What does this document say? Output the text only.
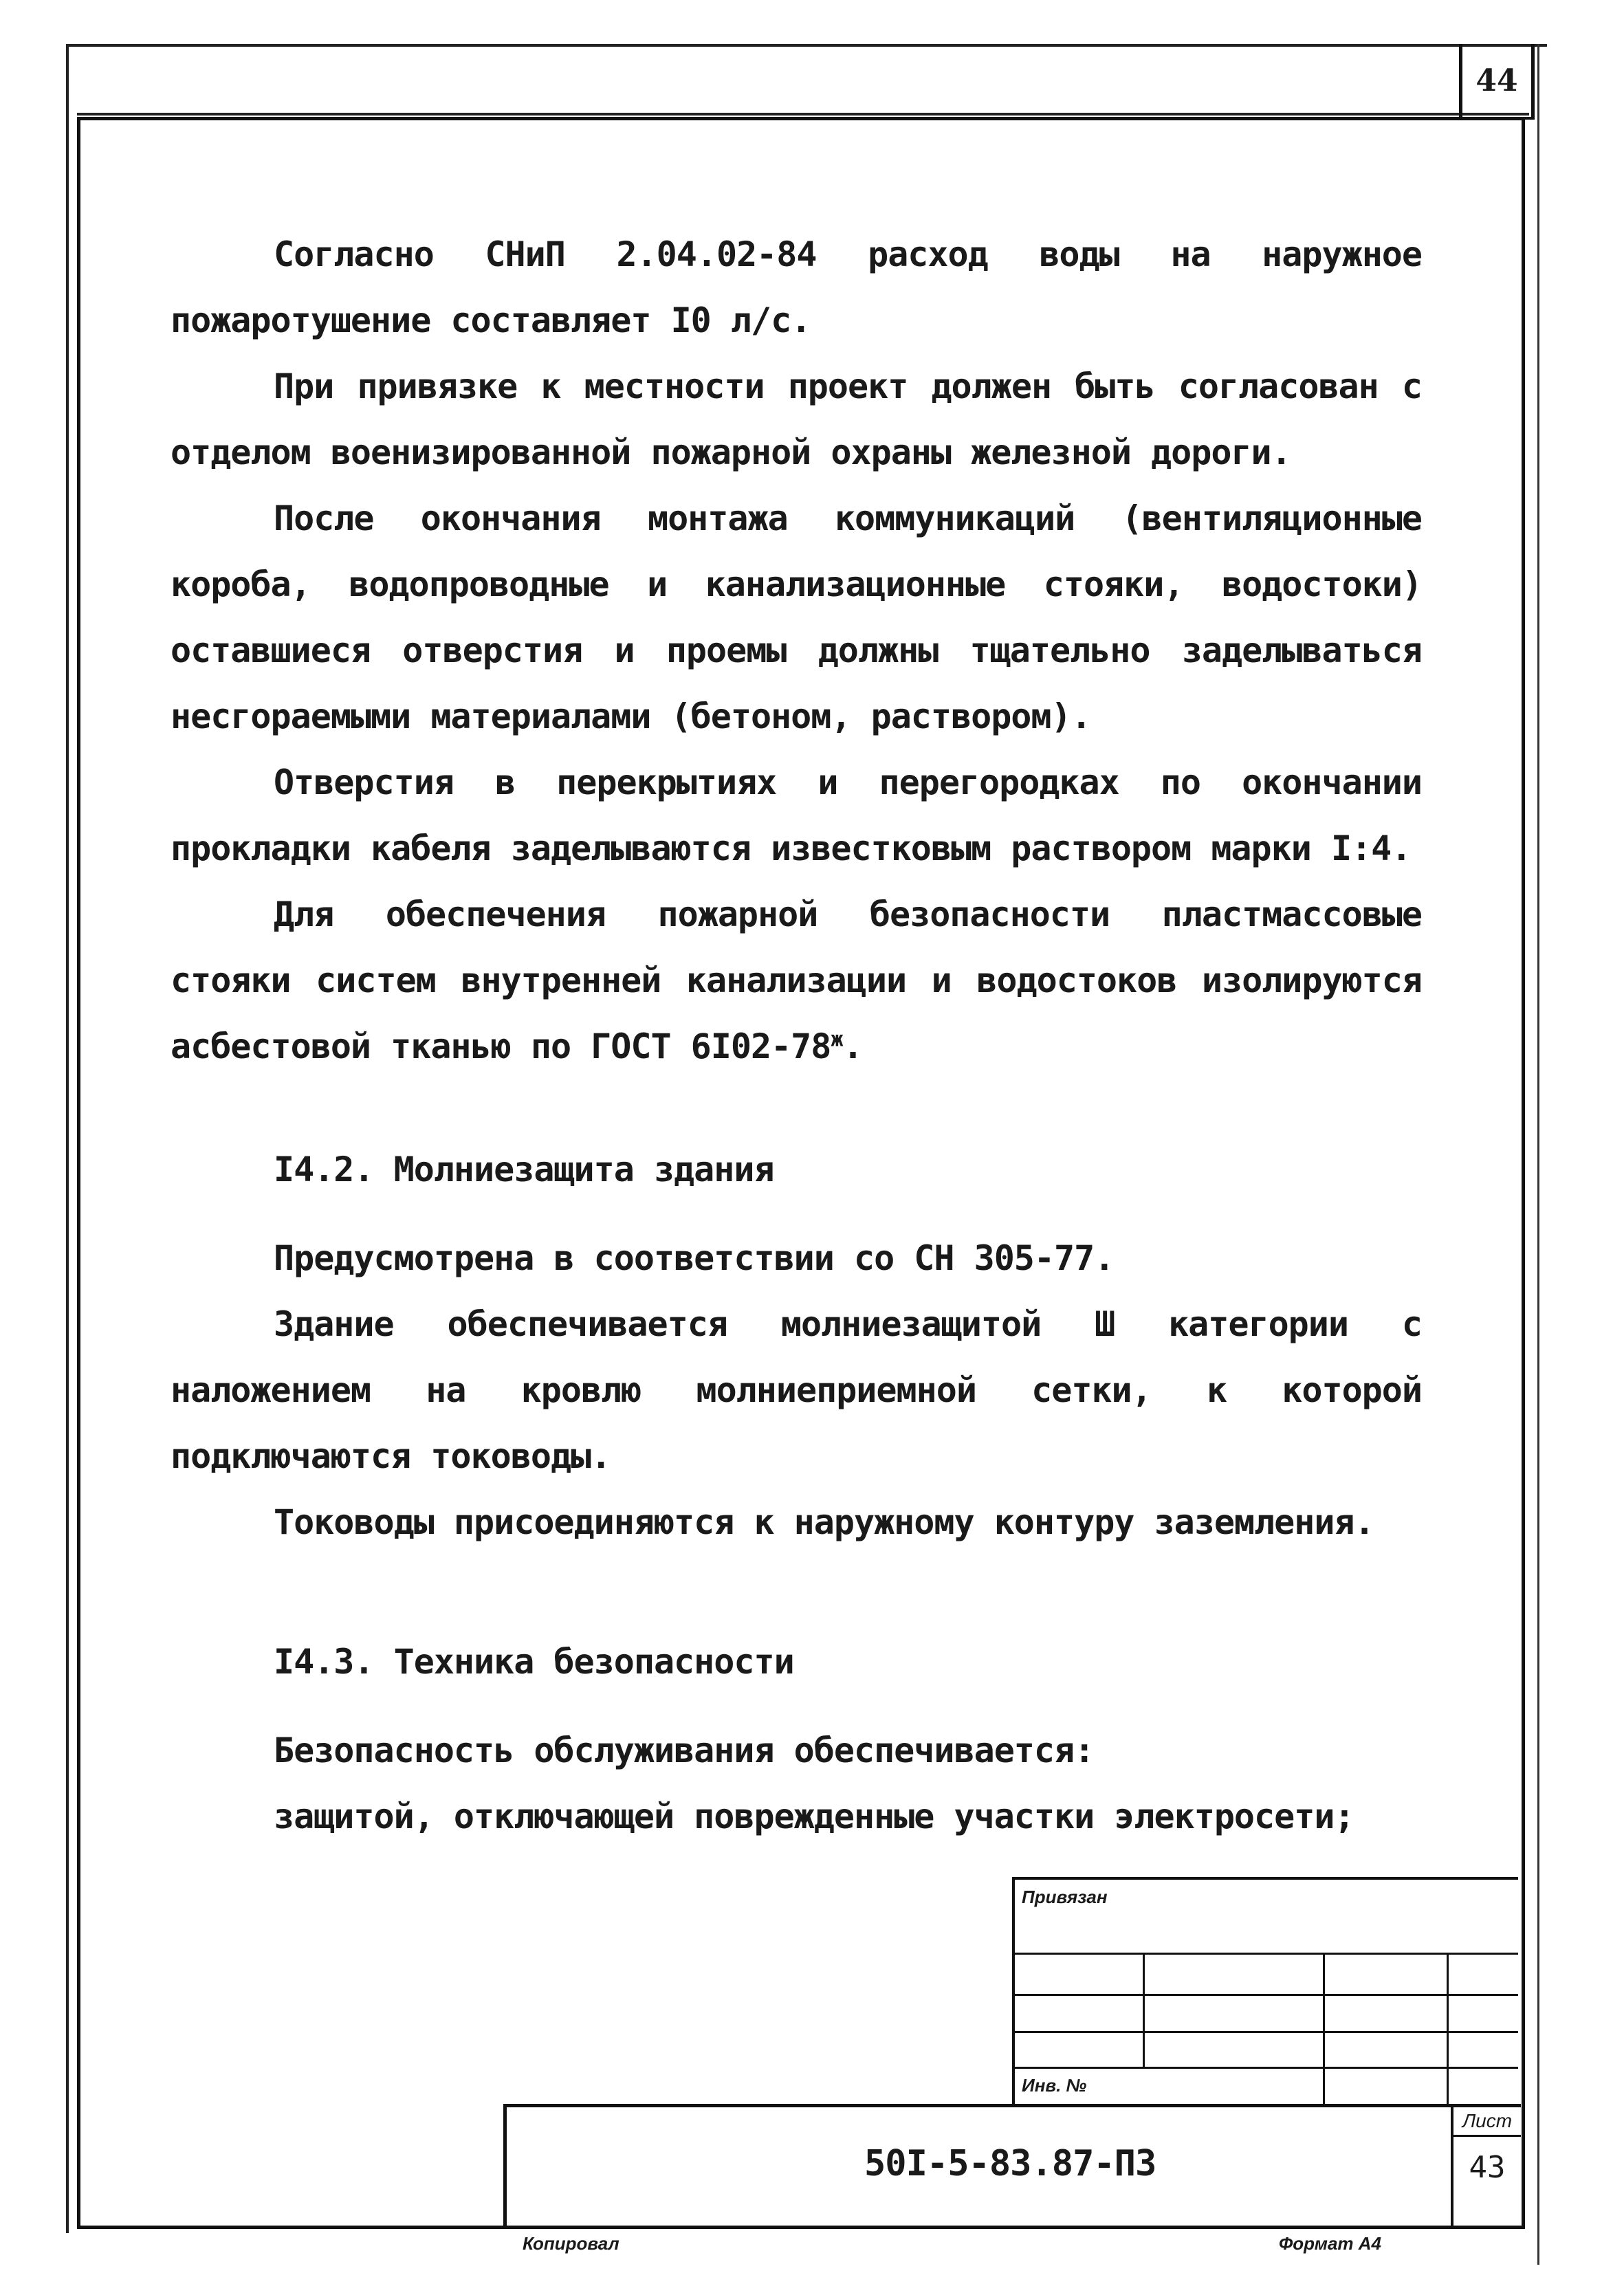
44
Согласно СНиП 2.04.02-84 расход воды на наружное пожаротушение составляет I0 л/с.
При привязке к местности проект должен быть согласован с отделом военизированной пожарной охраны железной дороги.
После окончания монтажа коммуникаций (вентиляционные короба, водопроводные и канализационные стояки, водостоки) оставшиеся отверстия и проемы должны тщательно заделываться несгораемыми материалами (бетоном, раствором).
Отверстия в перекрытиях и перегородках по окончании прокладки кабеля заделываются известковым раствором марки I:4.
Для обеспечения пожарной безопасности пластмассовые стояки систем внутренней канализации и водостоков изолируются асбестовой тканью по ГОСТ $6I02-78^ж$.
I4.2. Молниезащита здания
Предусмотрена в соответствии со СН 305-77.
Здание обеспечивается молниезащитой Ш категории с наложением на кровлю молниеприемной сетки, к которой подключаются тоководы.
Тоководы присоединяются к наружному контуру заземления.
I4.3. Техника безопасности
Безопасность обслуживания обеспечивается:
защитой, отключающей поврежденные участки электросети;
Привязан
Инв. №
50I-5-83.87-ПЗ
Лист
43
Копировал	Формат А4
